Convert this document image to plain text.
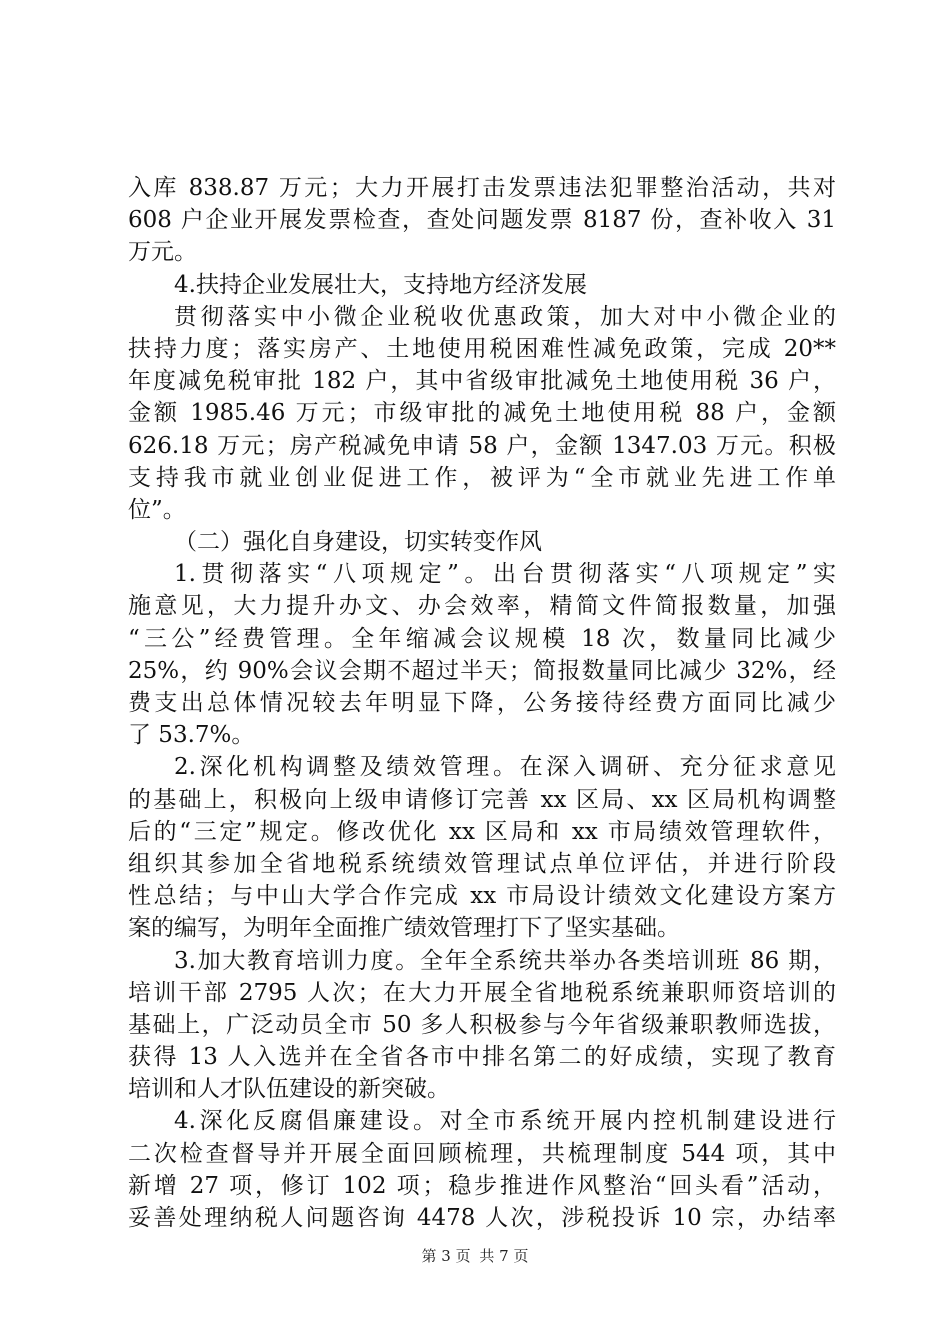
入库 838.87 万元；大力开展打击发票违法犯罪整治活动，共对
608 户企业开展发票检查，查处问题发票 8187 份，查补收入 31
万元。
4.扶持企业发展壮大，支持地方经济发展
贯彻落实中小微企业税收优惠政策，加大对中小微企业的
扶持力度；落实房产、土地使用税困难性减免政策，完成 20**
年度减免税审批 182 户，其中省级审批减免土地使用税 36 户，
金额 1985.46 万元；市级审批的减免土地使用税 88 户，金额
626.18 万元；房产税减免申请 58 户，金额 1347.03 万元。积极
支持我市就业创业促进工作，被评为“全市就业先进工作单
位”。
（二）强化自身建设，切实转变作风
1.贯彻落实“八项规定”。出台贯彻落实“八项规定”实
施意见，大力提升办文、办会效率，精简文件简报数量，加强
“三公”经费管理。全年缩减会议规模 18 次，数量同比减少
25%，约 90%会议会期不超过半天；简报数量同比减少 32%，经
费支出总体情况较去年明显下降，公务接待经费方面同比减少
了 53.7%。
2.深化机构调整及绩效管理。在深入调研、充分征求意见
的基础上，积极向上级申请修订完善 xx 区局、xx 区局机构调整
后的“三定”规定。修改优化 xx 区局和 xx 市局绩效管理软件，
组织其参加全省地税系统绩效管理试点单位评估，并进行阶段
性总结；与中山大学合作完成 xx 市局设计绩效文化建设方案方
案的编写，为明年全面推广绩效管理打下了坚实基础。
3.加大教育培训力度。全年全系统共举办各类培训班 86 期，
培训干部 2795 人次；在大力开展全省地税系统兼职师资培训的
基础上，广泛动员全市 50 多人积极参与今年省级兼职教师选拔，
获得 13 人入选并在全省各市中排名第二的好成绩，实现了教育
培训和人才队伍建设的新突破。
4.深化反腐倡廉建设。对全市系统开展内控机制建设进行
二次检查督导并开展全面回顾梳理，共梳理制度 544 项，其中
新增 27 项，修订 102 项；稳步推进作风整治“回头看”活动，
妥善处理纳税人问题咨询 4478 人次，涉税投诉 10 宗，办结率
第 3 页 共 7 页
